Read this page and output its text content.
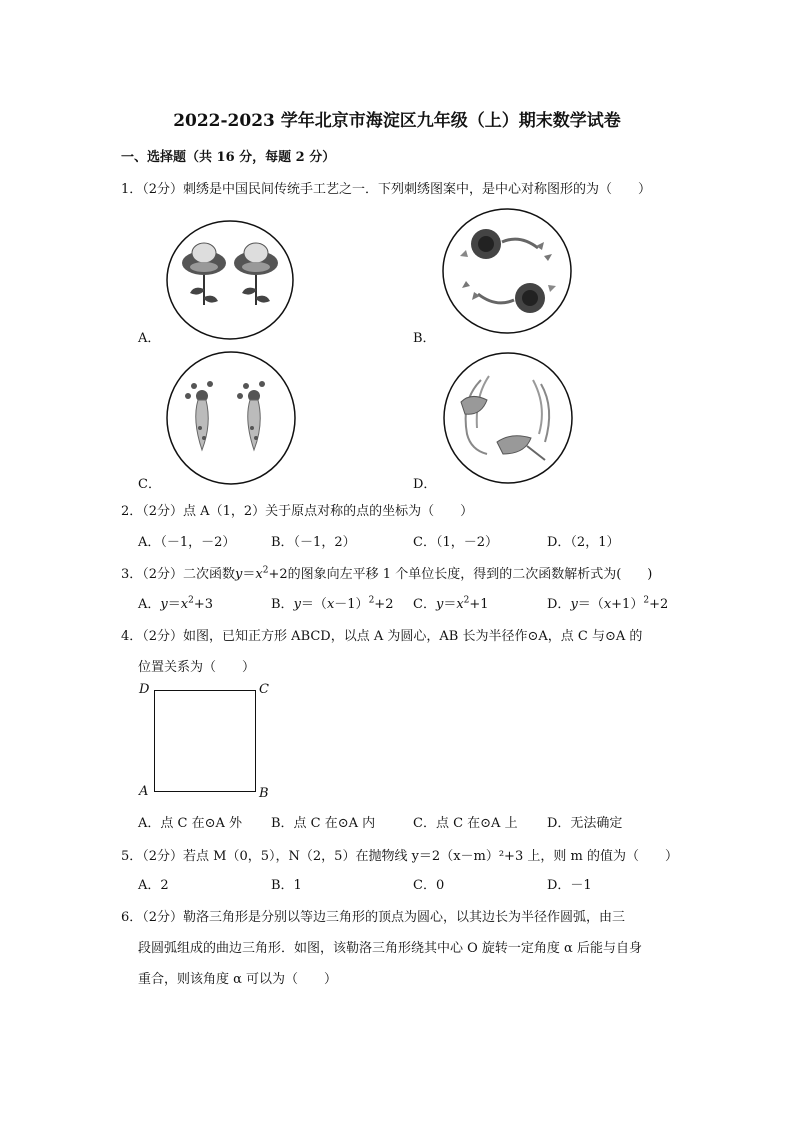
2022-2023 学年北京市海淀区九年级（上）期末数学试卷
一、选择题（共 16 分，每题 2 分）
1．（2分）刺绣是中国民间传统手工艺之一．下列刺绣图案中，是中心对称图形的为（　　）
A．	B．
C．	D．
2．（2分）点 A（1，2）关于原点对称的点的坐标为（　　）
A．（－1，－2）	B．（－1，2）	C．（1，－2）	D．（2，1）
3．（2分）二次函数$y=x^2+2$的图象向左平移 1 个单位长度，得到的二次函数解析式为(　　)
A．$y=x^2+3$	B．$y=(x-1)^2+2$ C．$y=x^2+1$	D．$y=(x+1)^2+2$
4．（2分）如图，已知正方形 ABCD，以点 A 为圆心，AB 长为半径作⊙A，点 C 与⊙A 的
位置关系为（　　）
D	C
A	B
A．点 C 在⊙A 外 B．点 C 在⊙A 内	C．点 C 在⊙A 上 D．无法确定
5．（2分）若点 M（0，5），N（2，5）在抛物线 y＝2（x－m）²+3 上，则 m 的值为（　　）
A．2	B．1	C．0	D．－1
6．（2分）勒洛三角形是分别以等边三角形的顶点为圆心，以其边长为半径作圆弧，由三
段圆弧组成的曲边三角形．如图，该勒洛三角形绕其中心 O 旋转一定角度 α 后能与自身
重合，则该角度 α 可以为（　　）
